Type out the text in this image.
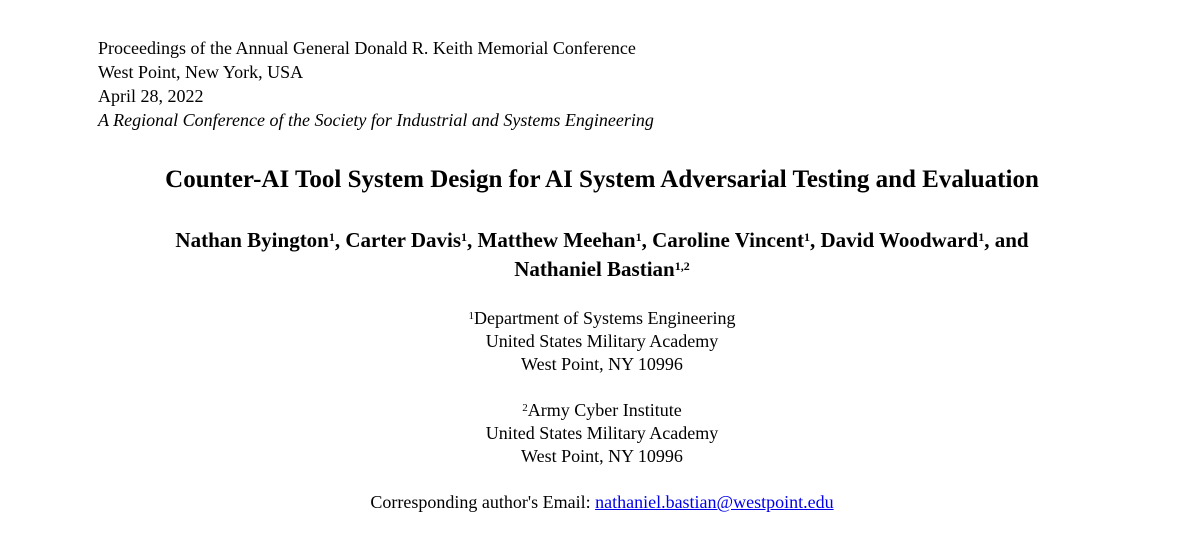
Proceedings of the Annual General Donald R. Keith Memorial Conference
West Point, New York, USA
April 28, 2022
A Regional Conference of the Society for Industrial and Systems Engineering
Counter-AI Tool System Design for AI System Adversarial Testing and Evaluation
Nathan Byington$^1$, Carter Davis$^1$, Matthew Meehan$^1$, Caroline Vincent$^1$, David Woodward$^1$, and
Nathaniel Bastian$^{1,2}$
$^1$Department of Systems Engineering
United States Military Academy
West Point, NY 10996
$^2$Army Cyber Institute
United States Military Academy
West Point, NY 10996
Corresponding author's Email: nathaniel.bastian@westpoint.edu
